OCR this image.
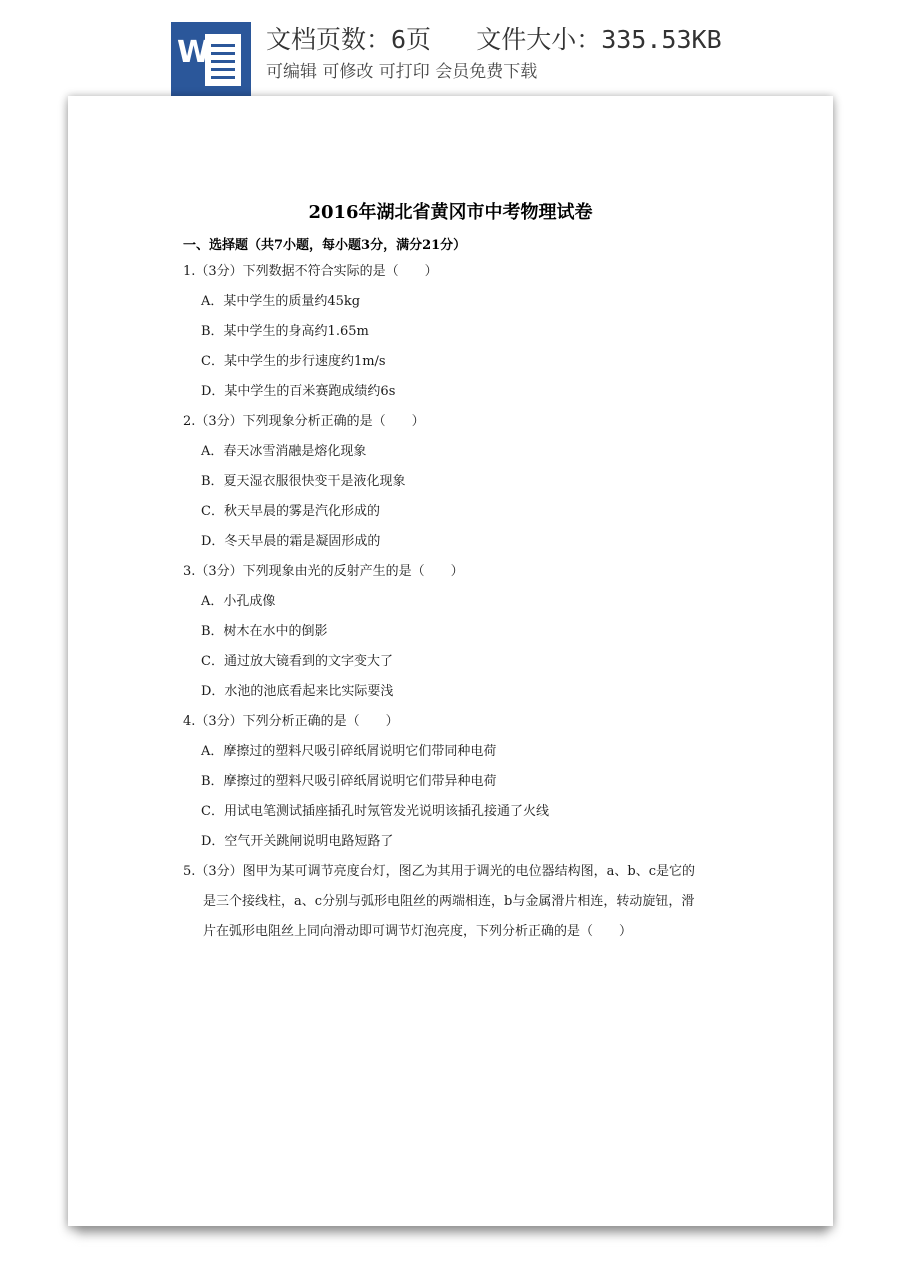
W 文档页数：6页   文件大小：335.53KB
可编辑 可修改 可打印 会员免费下载
2016年湖北省黄冈市中考物理试卷
一、选择题（共7小题，每小题3分，满分21分）
1.（3分）下列数据不符合实际的是（　　）
A．某中学生的质量约45kg
B．某中学生的身高约1.65m
C．某中学生的步行速度约1m/s
D．某中学生的百米赛跑成绩约6s
2.（3分）下列现象分析正确的是（　　）
A．春天冰雪消融是熔化现象
B．夏天湿衣服很快变干是液化现象
C．秋天早晨的雾是汽化形成的
D．冬天早晨的霜是凝固形成的
3.（3分）下列现象由光的反射产生的是（　　）
A．小孔成像
B．树木在水中的倒影
C．通过放大镜看到的文字变大了
D．水池的池底看起来比实际要浅
4.（3分）下列分析正确的是（　　）
A．摩擦过的塑料尺吸引碎纸屑说明它们带同种电荷
B．摩擦过的塑料尺吸引碎纸屑说明它们带异种电荷
C．用试电笔测试插座插孔时氖管发光说明该插孔接通了火线
D．空气开关跳闸说明电路短路了
5.（3分）图甲为某可调节亮度台灯，图乙为其用于调光的电位器结构图，a、b、c是它的
是三个接线柱，a、c分别与弧形电阻丝的两端相连，b与金属滑片相连，转动旋钮，滑
片在弧形电阻丝上同向滑动即可调节灯泡亮度，下列分析正确的是（　　）
